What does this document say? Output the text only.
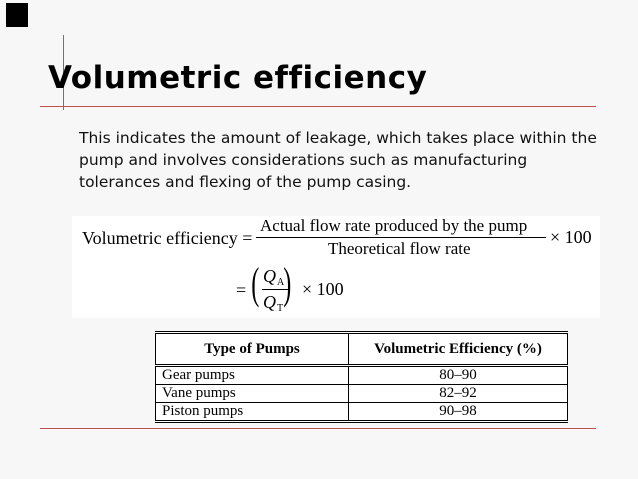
Volumetric efficiency

This indicates the amount of leakage, which takes place within the pump and involves considerations such as manufacturing tolerances and flexing of the pump casing.

Volumetric efficiency =
Actual flow rate produced by the pump
Theoretical flow rate
× 100
= ( $Q_A$
$Q_T$
) × 100
Type of Pumps	Volumetric Efficiency (%)
Gear pumps	80–90
Vane pumps	82–92
Piston pumps	90–98
